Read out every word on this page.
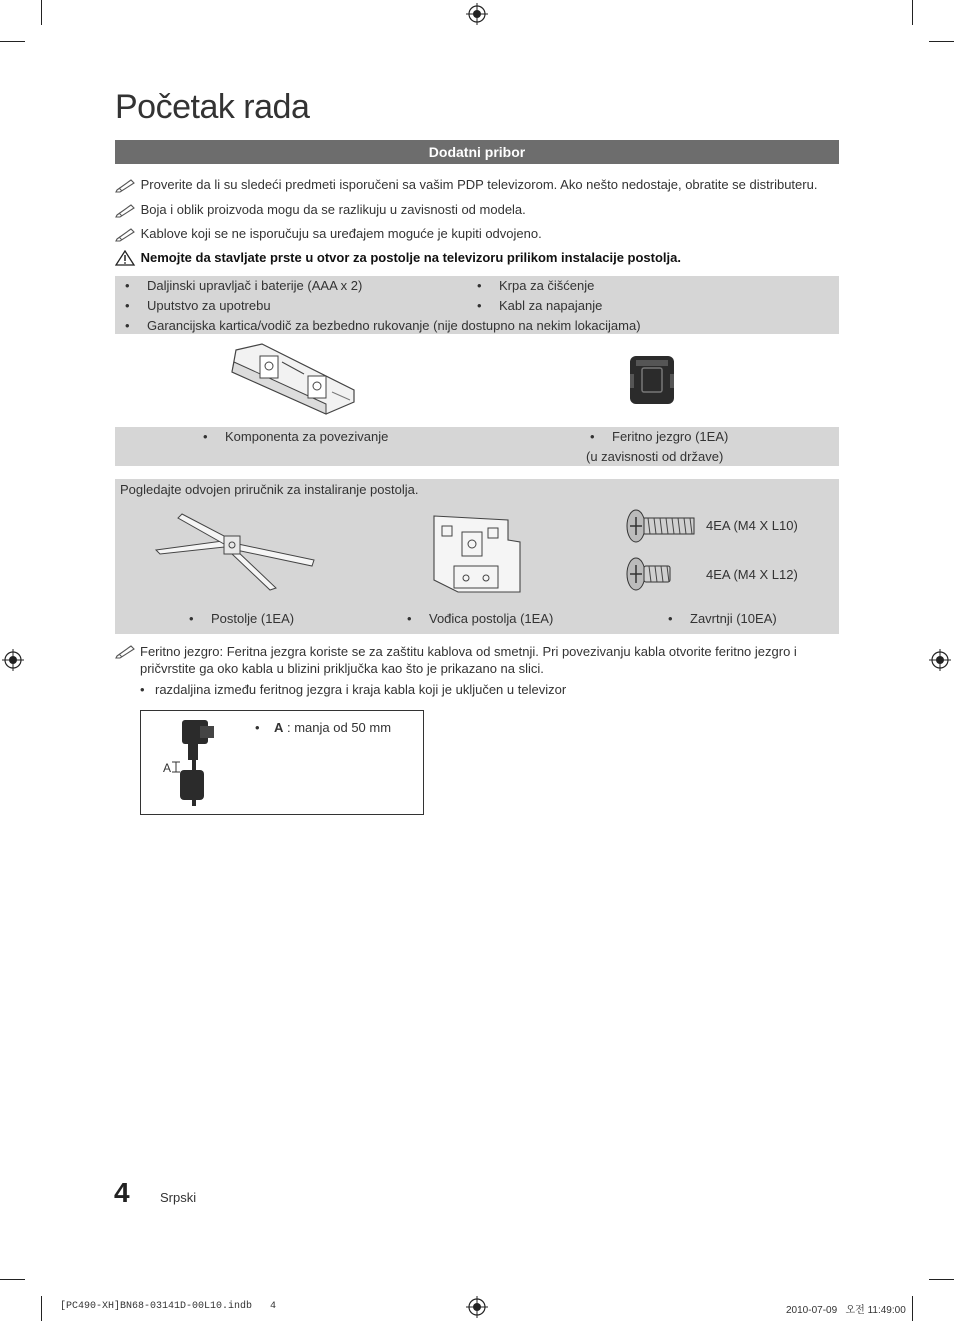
Početak rada
Dodatni pribor
Proverite da li su sledeći predmeti isporučeni sa vašim PDP televizorom. Ako nešto nedostaje, obratite se distributeru.
Boja i oblik proizvoda mogu da se razlikuju u zavisnosti od modela.
Kablove koji se ne isporučuju sa uređajem moguće je kupiti odvojeno.
Nemojte da stavljate prste u otvor za postolje na televizoru prilikom instalacije postolja.
• Daljinski upravljač i baterije (AAA x 2)	• Krpa za čišćenje
• Uputstvo za upotrebu	• Kabl za napajanje
• Garancijska kartica/vodič za bezbedno rukovanje (nije dostupno na nekim lokacijama)
• Komponenta za povezivanje	• Feritno jezgro (1EA)
(u zavisnosti od države)
Pogledajte odvojen priručnik za instaliranje postolja.
4EA (M4 X L10)
4EA (M4 X L12)
• Postolje (1EA)	• Vođica postolja (1EA)	• Zavrtnji (10EA)
Feritno jezgro: Feritna jezgra koriste se za zaštitu kablova od smetnji. Pri povezivanju kabla otvorite feritno jezgro i pričvrstite ga oko kabla u blizini priključka kao što je prikazano na slici.
• razdaljina između feritnog jezgra i kraja kabla koji je uključen u televizor
A
• A : manja od 50 mm
4 Srpski
[PC490-XH]BN68-03141D-00L10.indb   4	2010-07-09   오전 11:49:00
